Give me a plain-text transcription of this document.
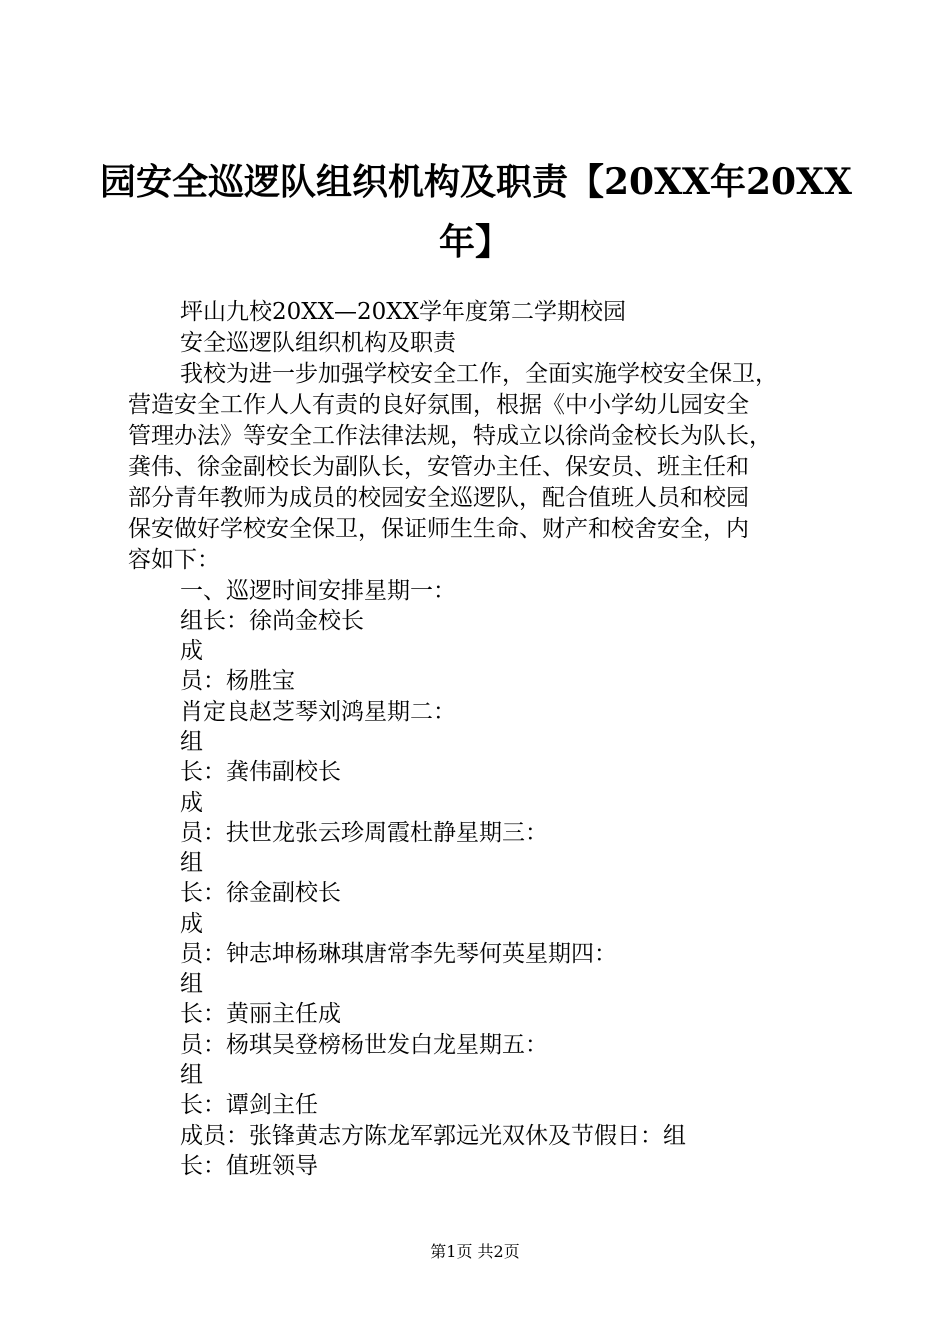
园安全巡逻队组织机构及职责【20XX年20XX
年】
坪山九校20XX—20XX学年度第二学期校园
安全巡逻队组织机构及职责
我校为进一步加强学校安全工作，全面实施学校安全保卫，
营造安全工作人人有责的良好氛围，根据《中小学幼儿园安全
管理办法》等安全工作法律法规，特成立以徐尚金校长为队长，
龚伟、徐金副校长为副队长，安管办主任、保安员、班主任和
部分青年教师为成员的校园安全巡逻队，配合值班人员和校园
保安做好学校安全保卫，保证师生生命、财产和校舍安全，内
容如下：
一、巡逻时间安排星期一：
组长：徐尚金校长
成
员：杨胜宝
肖定良赵芝琴刘鸿星期二：
组
长：龚伟副校长
成
员：扶世龙张云珍周霞杜静星期三：
组
长：徐金副校长
成
员：钟志坤杨琳琪唐常李先琴何英星期四：
组
长：黄丽主任成
员：杨琪吴登榜杨世发白龙星期五：
组
长：谭剑主任
成员：张锋黄志方陈龙军郭远光双休及节假日：组
长：值班领导
第1页 共2页
